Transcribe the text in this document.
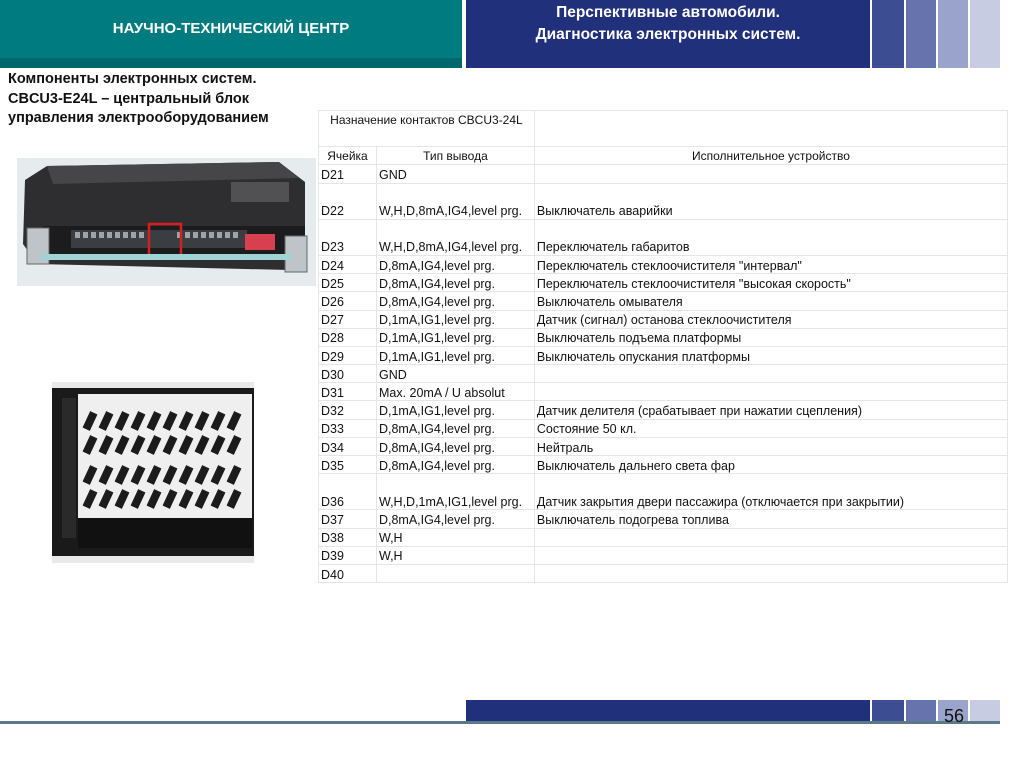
НАУЧНО-ТЕХНИЧЕСКИЙ ЦЕНТР
Перспективные автомобили.
Диагностика электронных систем.
Компоненты электронных систем.
CBCU3-E24L – центральный блок
управления электрооборудованием	Назначение контактов CBCU3-24L		
Ячейка	Тип вывода	Исполнительное устройство
D21	GND	
D22	W,H,D,8mA,IG4,level prg.	Выключатель аварийки
D23	W,H,D,8mA,IG4,level prg.	Переключатель габаритов
D24	D,8mA,IG4,level prg.	Переключатель стеклоочистителя "интервал"
D25	D,8mA,IG4,level prg.	Переключатель стеклоочистителя "высокая скорость"
D26	D,8mA,IG4,level prg.	Выключатель омывателя
D27	D,1mA,IG1,level prg.	Датчик (сигнал) останова стеклоочистителя
D28	D,1mA,IG1,level prg.	Выключатель подъема платформы
D29	D,1mA,IG1,level prg.	Выключатель опускания платформы
D30	GND	
D31	Max. 20mA / U absolut	
D32	D,1mA,IG1,level prg.	Датчик делителя (срабатывает при нажатии сцепления)
D33	D,8mA,IG4,level prg.	Состояние 50 кл.
D34	D,8mA,IG4,level prg.	Нейтраль
D35	D,8mA,IG4,level prg.	Выключатель дальнего света фар
D36	W,H,D,1mA,IG1,level prg.	Датчик закрытия двери пассажира (отключается при закрытии)
D37	D,8mA,IG4,level prg.	Выключатель подогрева топлива
D38	W,H	
D39	W,H	
D40		
56
